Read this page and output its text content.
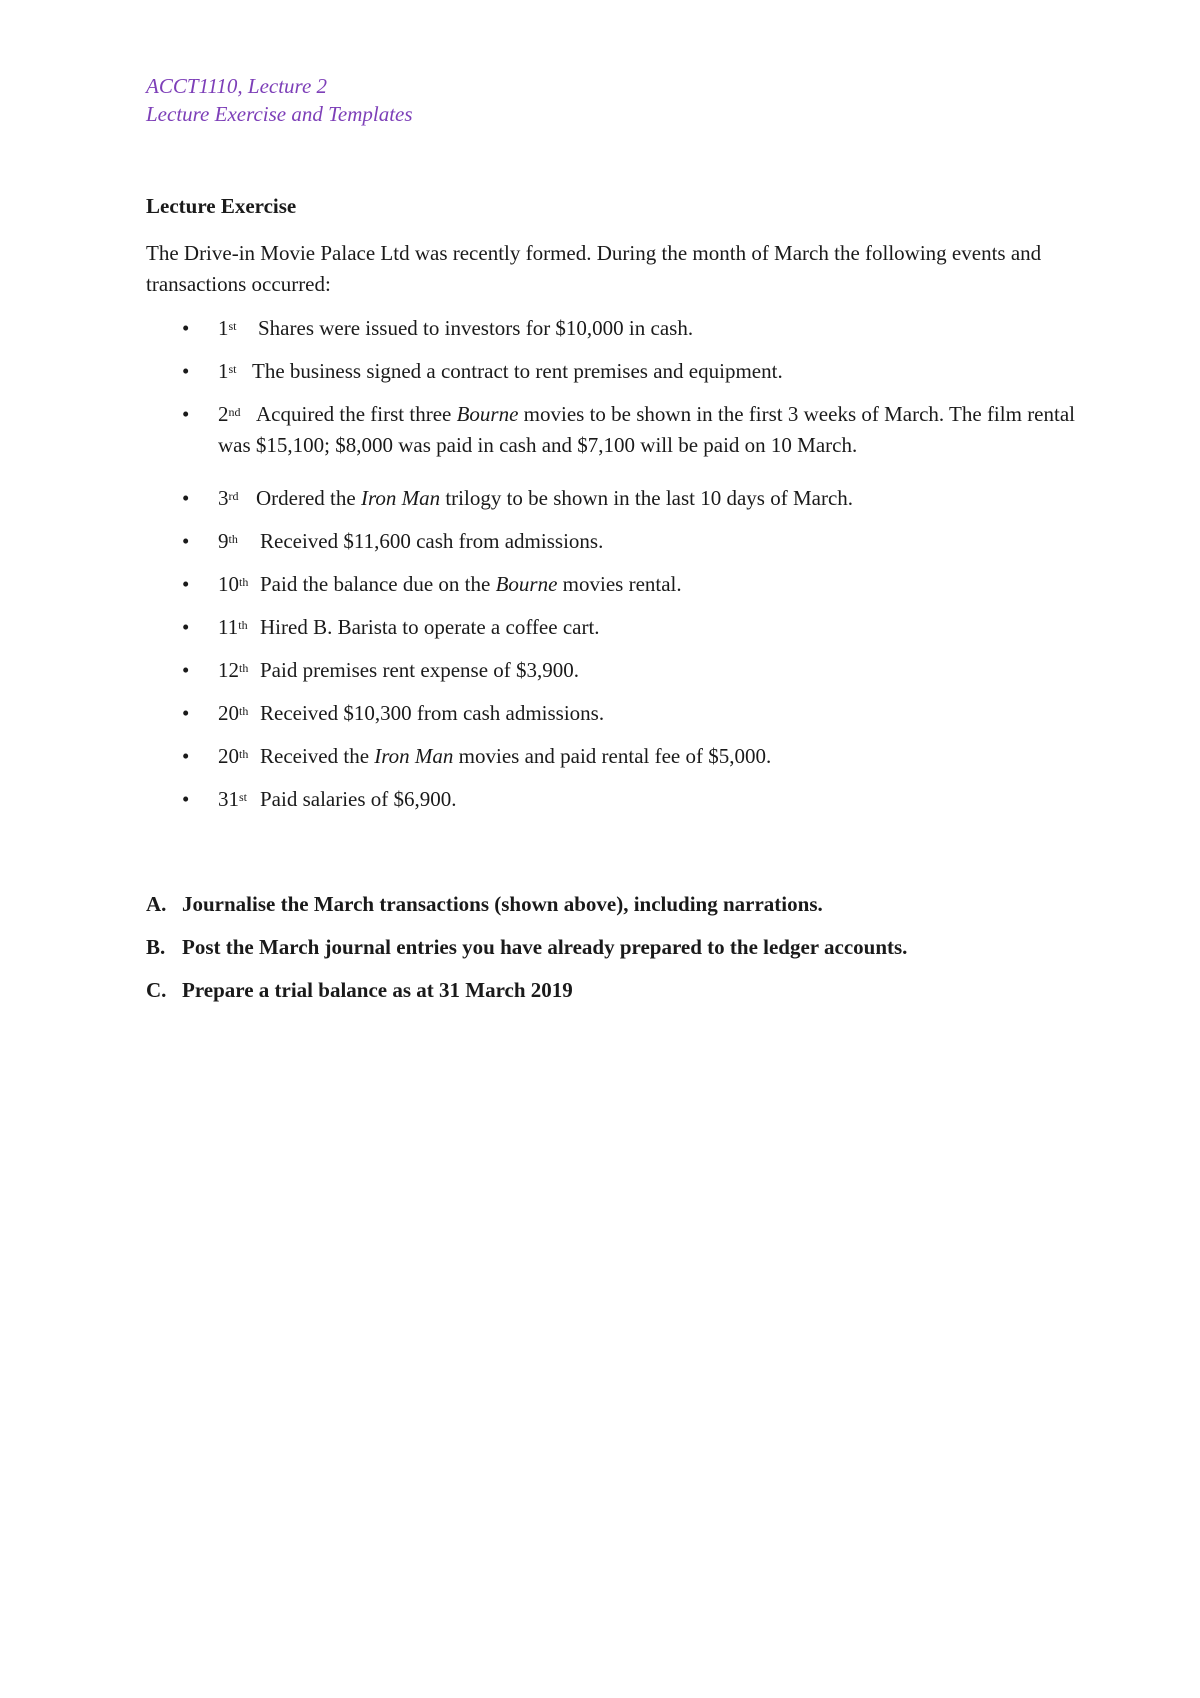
ACCT1110, Lecture 2
Lecture Exercise and Templates
Lecture Exercise
The Drive-in Movie Palace Ltd was recently formed. During the month of March the following events and transactions occurred:
• 1st Shares were issued to investors for $10,000 in cash.
• 1st The business signed a contract to rent premises and equipment.
• 2nd Acquired the first three Bourne movies to be shown in the first 3 weeks of March. The film rental was $15,100; $8,000 was paid in cash and $7,100 will be paid on 10 March.
• 3rd Ordered the Iron Man trilogy to be shown in the last 10 days of March.
• 9th Received $11,600 cash from admissions.
• 10th Paid the balance due on the Bourne movies rental.
• 11th Hired B. Barista to operate a coffee cart.
• 12th Paid premises rent expense of $3,900.
• 20th Received $10,300 from cash admissions.
• 20th Received the Iron Man movies and paid rental fee of $5,000.
• 31st Paid salaries of $6,900.
A. Journalise the March transactions (shown above), including narrations.
B. Post the March journal entries you have already prepared to the ledger accounts.
C. Prepare a trial balance as at 31 March 2019
